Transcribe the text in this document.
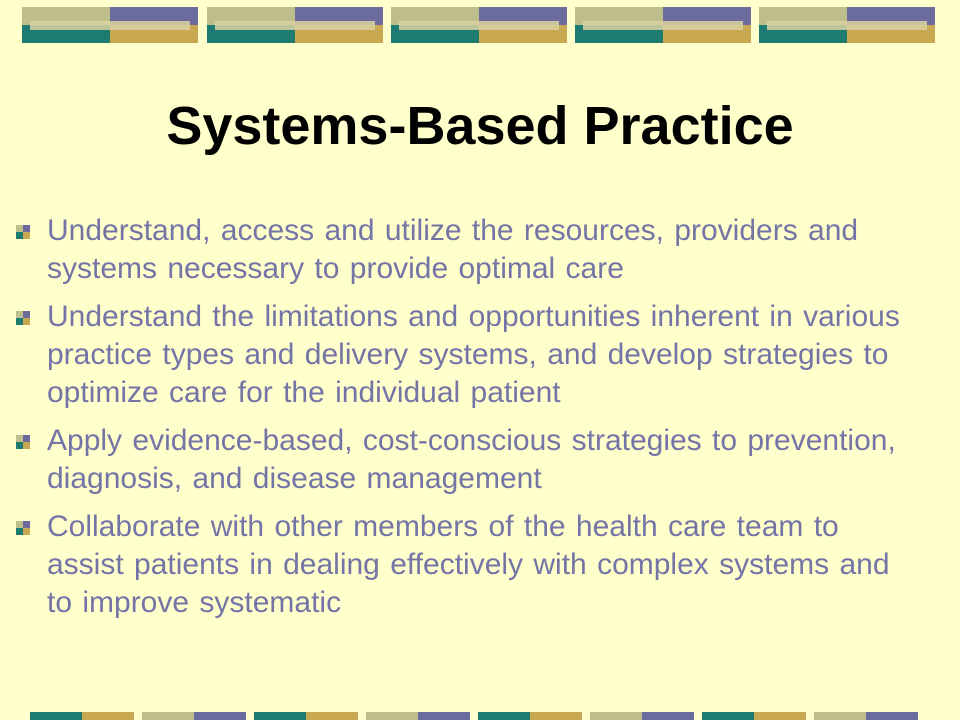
Systems-Based Practice
Understand, access and utilize the resources, providers and systems necessary to provide optimal care
Understand the limitations and opportunities inherent in various practice types and delivery systems, and develop strategies to optimize care for the individual patient
Apply evidence-based, cost-conscious strategies to prevention, diagnosis, and disease management
Collaborate with other members of the health care team to assist patients in dealing effectively with complex systems and to improve systematic
